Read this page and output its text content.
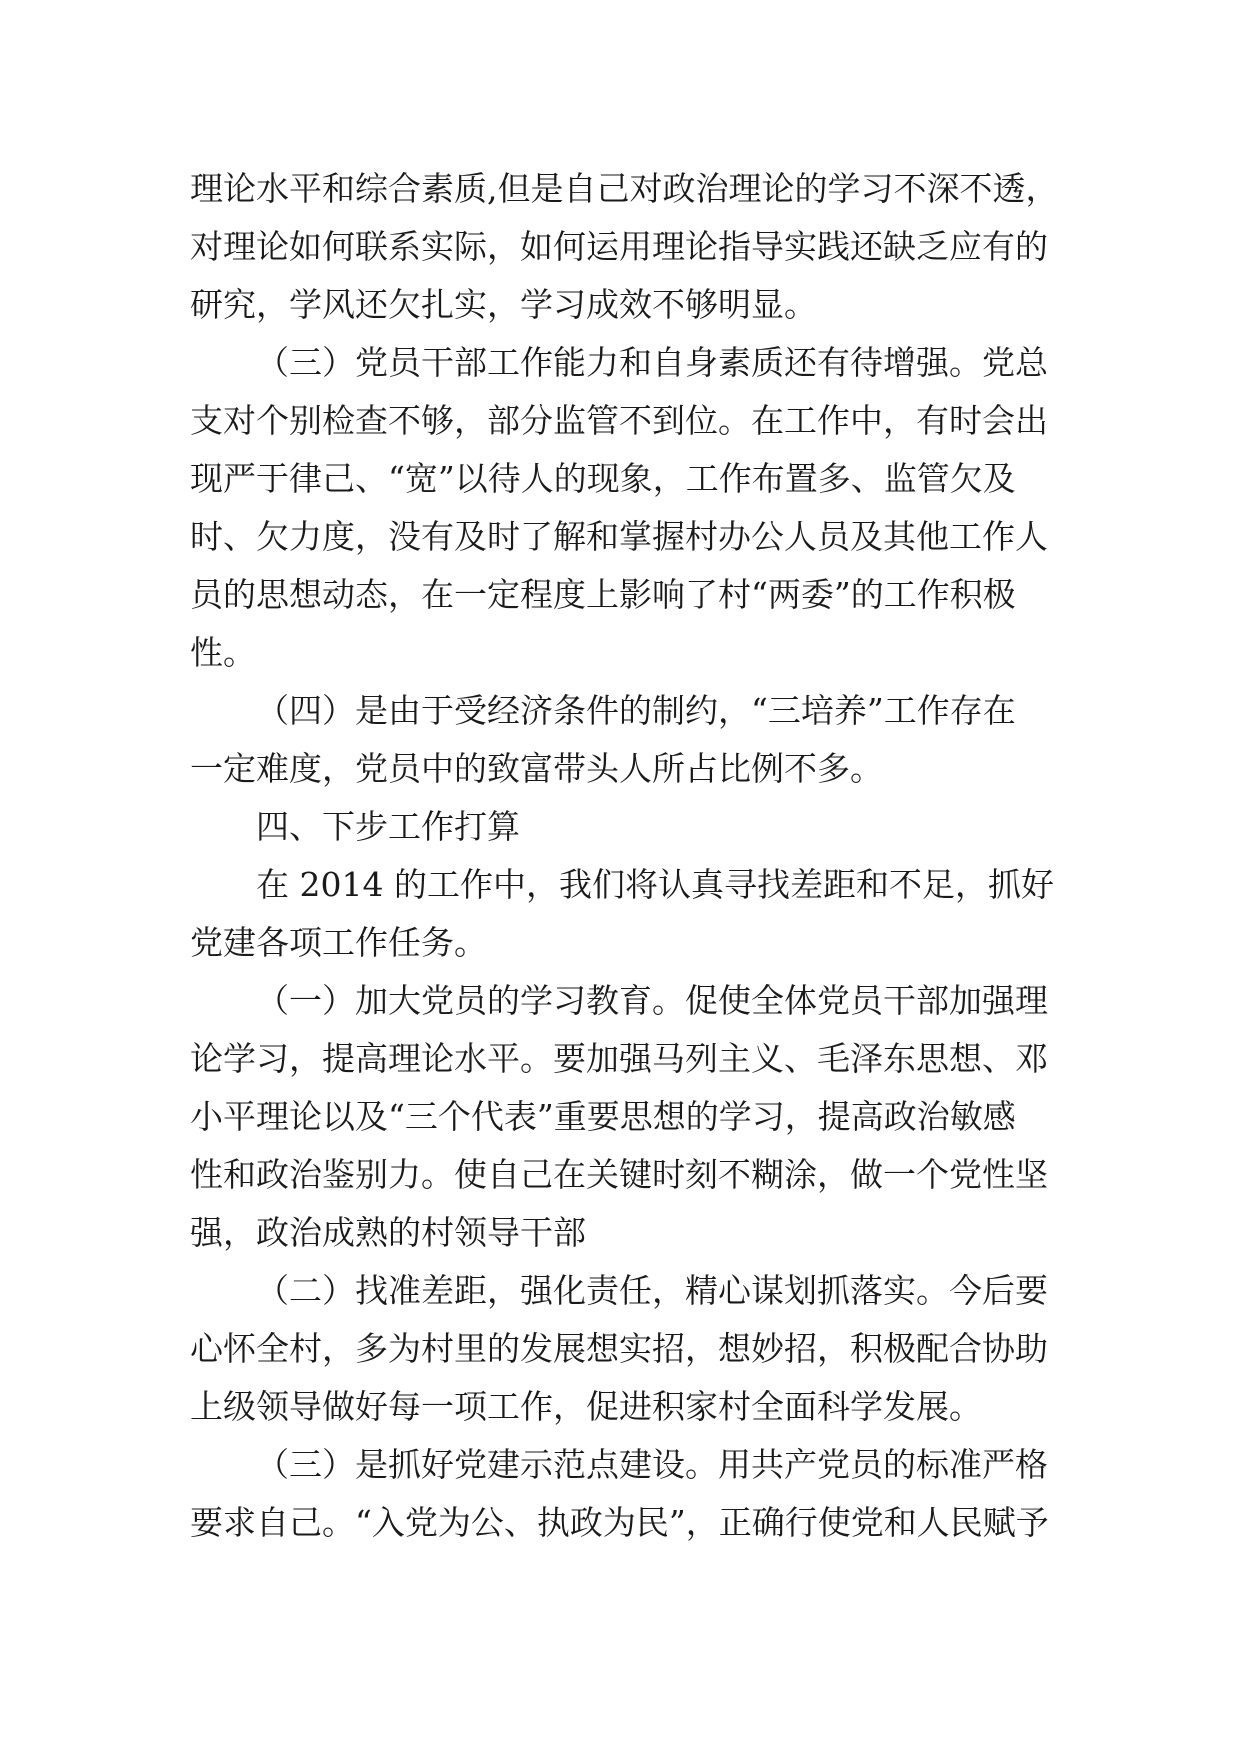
理论水平和综合素质,但是自己对政治理论的学习不深不透，
对理论如何联系实际，如何运用理论指导实践还缺乏应有的
研究，学风还欠扎实，学习成效不够明显。

（三）党员干部工作能力和自身素质还有待增强。党总
支对个别检查不够，部分监管不到位。在工作中，有时会出
现严于律己、“宽”以待人的现象，工作布置多、监管欠及
时、欠力度，没有及时了解和掌握村办公人员及其他工作人
员的思想动态，在一定程度上影响了村“两委”的工作积极
性。

（四）是由于受经济条件的制约，“三培养”工作存在
一定难度，党员中的致富带头人所占比例不多。

四、下步工作打算

在 2014 的工作中，我们将认真寻找差距和不足，抓好
党建各项工作任务。

（一）加大党员的学习教育。促使全体党员干部加强理
论学习，提高理论水平。要加强马列主义、毛泽东思想、邓
小平理论以及“三个代表”重要思想的学习，提高政治敏感
性和政治鉴别力。使自己在关键时刻不糊涂，做一个党性坚
强，政治成熟的村领导干部

（二）找准差距，强化责任，精心谋划抓落实。今后要
心怀全村，多为村里的发展想实招，想妙招，积极配合协助
上级领导做好每一项工作，促进积家村全面科学发展。

（三）是抓好党建示范点建设。用共产党员的标准严格
要求自己。“入党为公、执政为民”，正确行使党和人民赋予
